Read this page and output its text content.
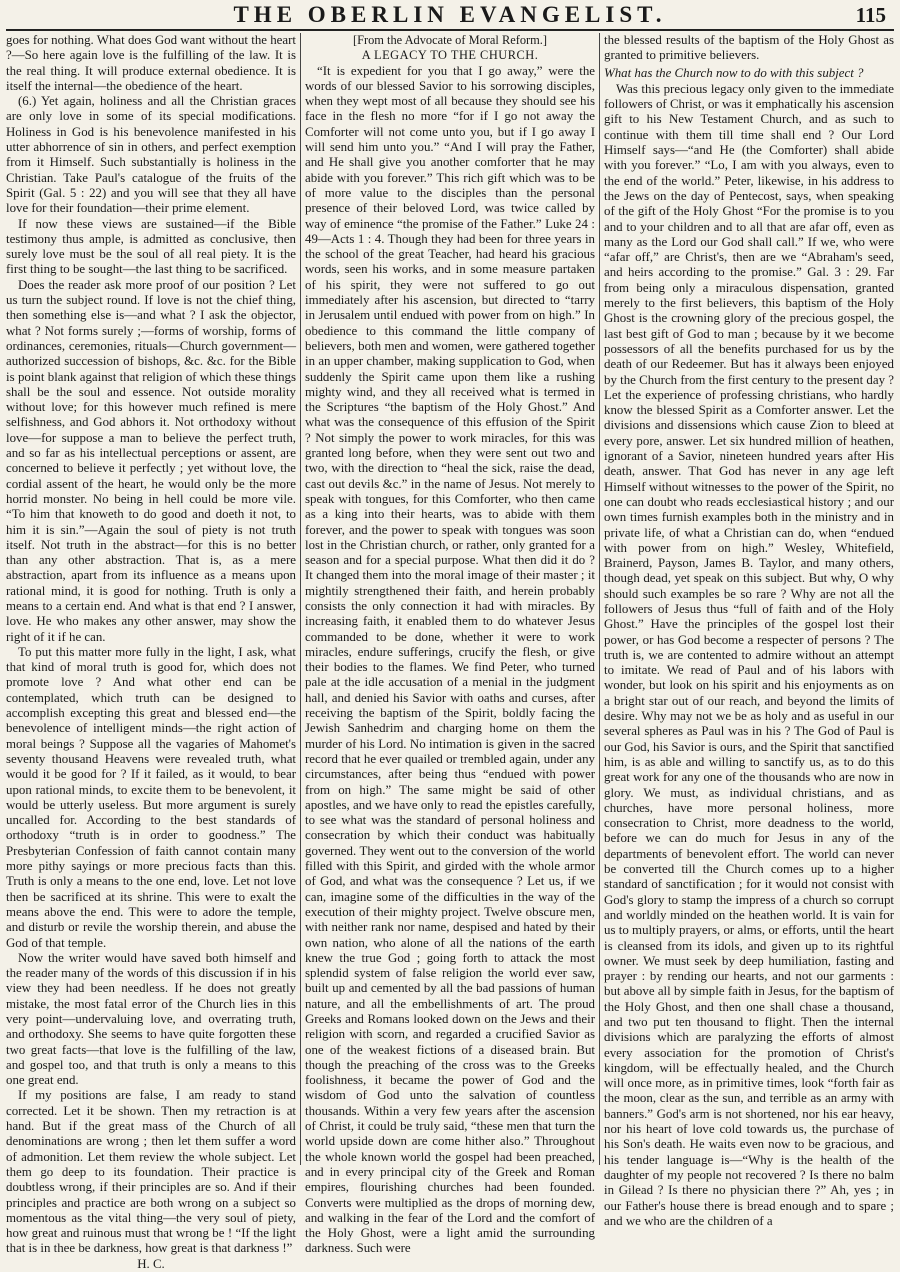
THE OBERLIN EVANGELIST.	115

goes for nothing. What does God want without the heart ?—So here again love is the fulfilling of the law. It is the real thing. It will produce external obedience. It is itself the internal—the obedience of the heart.

(6.) Yet again, holiness and all the Christian graces are only love in some of its special modifications. Holiness in God is his benevolence manifested in his utter abhorrence of sin in others, and perfect exemption from it Himself. Such substantially is holiness in the Christian. Take Paul's catalogue of the fruits of the Spirit (Gal. 5 : 22) and you will see that they all have love for their foundation—their prime element.

If now these views are sustained—if the Bible testimony thus ample, is admitted as conclusive, then surely love must be the soul of all real piety. It is the first thing to be sought—the last thing to be sacrificed.

Does the reader ask more proof of our position ? Let us turn the subject round. If love is not the chief thing, then something else is—and what ? I ask the objector, what ? Not forms surely ;—forms of worship, forms of ordinances, ceremonies, rituals—Church government—authorized succession of bishops, &c. &c. for the Bible is point blank against that religion of which these things shall be the soul and essence. Not outside morality without love; for this however much refined is mere selfishness, and God abhors it. Not orthodoxy without love—for suppose a man to believe the perfect truth, and so far as his intellectual perceptions or assent, are concerned to believe it perfectly ; yet without love, the cordial assent of the heart, he would only be the more horrid monster. No being in hell could be more vile. “To him that knoweth to do good and doeth it not, to him it is sin.”—Again the soul of piety is not truth itself. Not truth in the abstract—for this is no better than any other abstraction. That is, as a mere abstraction, apart from its influence as a means upon rational mind, it is good for nothing. Truth is only a means to a certain end. And what is that end ? I answer, love. He who makes any other answer, may show the right of it if he can.

To put this matter more fully in the light, I ask, what that kind of moral truth is good for, which does not promote love ? And what other end can be contemplated, which truth can be designed to accomplish excepting this great and blessed end—the benevolence of intelligent minds—the right action of moral beings ? Suppose all the vagaries of Mahomet's seventy thousand Heavens were revealed truth, what would it be good for ? If it failed, as it would, to bear upon rational minds, to excite them to be benevolent, it would be utterly useless. But more argument is surely uncalled for. According to the best standards of orthodoxy “truth is in order to goodness.” The Presbyterian Confession of faith cannot contain many more pithy sayings or more precious facts than this. Truth is only a means to the one end, love. Let not love then be sacrificed at its shrine. This were to exalt the means above the end. This were to adore the temple, and disturb or revile the worship therein, and abuse the God of that temple.

Now the writer would have saved both himself and the reader many of the words of this discussion if in his view they had been needless. If he does not greatly mistake, the most fatal error of the Church lies in this very point—undervaluing love, and overrating truth, and orthodoxy. She seems to have quite forgotten these two great facts—that love is the fulfilling of the law, and gospel too, and that truth is only a means to this one great end.

If my positions are false, I am ready to stand corrected. Let it be shown. Then my retraction is at hand. But if the great mass of the Church of all denominations are wrong ; then let them suffer a word of admonition. Let them review the whole subject. Let them go deep to its foundation. Their practice is doubtless wrong, if their principles are so. And if their principles and practice are both wrong on a subject so momentous as the vital thing—the very soul of piety, how great and ruinous must that wrong be ! “If the light that is in thee be darkness, how great is that darkness !”

H. C.

[From the Advocate of Moral Reform.]

A LEGACY TO THE CHURCH.

“It is expedient for you that I go away,” were the words of our blessed Savior to his sorrowing disciples, when they wept most of all because they should see his face in the flesh no more “for if I go not away the Comforter will not come unto you, but if I go away I will send him unto you.” “And I will pray the Father, and He shall give you another comforter that he may abide with you forever.” This rich gift which was to be of more value to the disciples than the personal presence of their beloved Lord, was twice called by way of eminence “the promise of the Father.” Luke 24 : 49—Acts 1 : 4. Though they had been for three years in the school of the great Teacher, had heard his gracious words, seen his works, and in some measure partaken of his spirit, they were not suffered to go out immediately after his ascension, but directed to “tarry in Jerusalem until endued with power from on high.” In obedience to this command the little company of believers, both men and women, were gathered together in an upper chamber, making supplication to God, when suddenly the Spirit came upon them like a rushing mighty wind, and they all received what is termed in the Scriptures “the baptism of the Holy Ghost.” And what was the consequence of this effusion of the Spirit ? Not simply the power to work miracles, for this was granted long before, when they were sent out two and two, with the direction to “heal the sick, raise the dead, cast out devils &c.” in the name of Jesus. Not merely to speak with tongues, for this Comforter, who then came as a king into their hearts, was to abide with them forever, and the power to speak with tongues was soon lost in the Christian church, or rather, only granted for a season and for a special purpose. What then did it do ? It changed them into the moral image of their master ; it mightily strengthened their faith, and herein probably consists the only connection it had with miracles. By increasing faith, it enabled them to do whatever Jesus commanded to be done, whether it were to work miracles, endure sufferings, crucify the flesh, or give their bodies to the flames. We find Peter, who turned pale at the idle accusation of a menial in the judgment hall, and denied his Savior with oaths and curses, after receiving the baptism of the Spirit, boldly facing the Jewish Sanhedrim and charging home on them the murder of his Lord. No intimation is given in the sacred record that he ever quailed or trembled again, under any circumstances, after being thus “endued with power from on high.” The same might be said of other apostles, and we have only to read the epistles carefully, to see what was the standard of personal holiness and consecration by which their conduct was habitually governed. They went out to the conversion of the world filled with this Spirit, and girded with the whole armor of God, and what was the consequence ? Let us, if we can, imagine some of the difficulties in the way of the execution of their mighty project. Twelve obscure men, with neither rank nor name, despised and hated by their own nation, who alone of all the nations of the earth knew the true God ; going forth to attack the most splendid system of false religion the world ever saw, built up and cemented by all the bad passions of human nature, and all the embellishments of art. The proud Greeks and Romans looked down on the Jews and their religion with scorn, and regarded a crucified Savior as one of the weakest fictions of a diseased brain. But though the preaching of the cross was to the Greeks foolishness, it became the power of God and the wisdom of God unto the salvation of countless thousands. Within a very few years after the ascension of Christ, it could be truly said, “these men that turn the world upside down are come hither also.” Throughout the whole known world the gospel had been preached, and in every principal city of the Greek and Roman empires, flourishing churches had been founded. Converts were multiplied as the drops of morning dew, and walking in the fear of the Lord and the comfort of the Holy Ghost, were a light amid the surrounding darkness. Such were

the blessed results of the baptism of the Holy Ghost as granted to primitive believers.

What has the Church now to do with this subject ?

Was this precious legacy only given to the immediate followers of Christ, or was it emphatically his ascension gift to his New Testament Church, and as such to continue with them till time shall end ? Our Lord Himself says—“and He (the Comforter) shall abide with you forever.” “Lo, I am with you always, even to the end of the world.” Peter, likewise, in his address to the Jews on the day of Pentecost, says, when speaking of the gift of the Holy Ghost “For the promise is to you and to your children and to all that are afar off, even as many as the Lord our God shall call.” If we, who were “afar off,” are Christ's, then are we “Abraham's seed, and heirs according to the promise.” Gal. 3 : 29. Far from being only a miraculous dispensation, granted merely to the first believers, this baptism of the Holy Ghost is the crowning glory of the precious gospel, the last best gift of God to man ; because by it we become possessors of all the benefits purchased for us by the death of our Redeemer. But has it always been enjoyed by the Church from the first century to the present day ? Let the experience of professing christians, who hardly know the blessed Spirit as a Comforter answer. Let the divisions and dissensions which cause Zion to bleed at every pore, answer. Let six hundred million of heathen, ignorant of a Savior, nineteen hundred years after His death, answer. That God has never in any age left Himself without witnesses to the power of the Spirit, no one can doubt who reads ecclesiastical history ; and our own times furnish examples both in the ministry and in private life, of what a Christian can do, when “endued with power from on high.” Wesley, Whitefield, Brainerd, Payson, James B. Taylor, and many others, though dead, yet speak on this subject. But why, O why should such examples be so rare ? Why are not all the followers of Jesus thus “full of faith and of the Holy Ghost.” Have the principles of the gospel lost their power, or has God become a respecter of persons ? The truth is, we are contented to admire without an attempt to imitate. We read of Paul and of his labors with wonder, but look on his spirit and his enjoyments as on a bright star out of our reach, and beyond the limits of desire. Why may not we be as holy and as useful in our several spheres as Paul was in his ? The God of Paul is our God, his Savior is ours, and the Spirit that sanctified him, is as able and willing to sanctify us, as to do this great work for any one of the thousands who are now in glory. We must, as individual christians, and as churches, have more personal holiness, more consecration to Christ, more deadness to the world, before we can do much for Jesus in any of the departments of benevolent effort. The world can never be converted till the Church comes up to a higher standard of sanctification ; for it would not consist with God's glory to stamp the impress of a church so corrupt and worldly minded on the heathen world. It is vain for us to multiply prayers, or alms, or efforts, until the heart is cleansed from its idols, and given up to its rightful owner. We must seek by deep humiliation, fasting and prayer : by rending our hearts, and not our garments : but above all by simple faith in Jesus, for the baptism of the Holy Ghost, and then one shall chase a thousand, and two put ten thousand to flight. Then the internal divisions which are paralyzing the efforts of almost every association for the promotion of Christ's kingdom, will be effectually healed, and the Church will once more, as in primitive times, look “forth fair as the moon, clear as the sun, and terrible as an army with banners.” God's arm is not shortened, nor his ear heavy, nor his heart of love cold towards us, the purchase of his Son's death. He waits even now to be gracious, and his tender language is—“Why is the health of the daughter of my people not recovered ? Is there no balm in Gilead ? Is there no physician there ?” Ah, yes ; in our Father's house there is bread enough and to spare ; and we who are the children of a
